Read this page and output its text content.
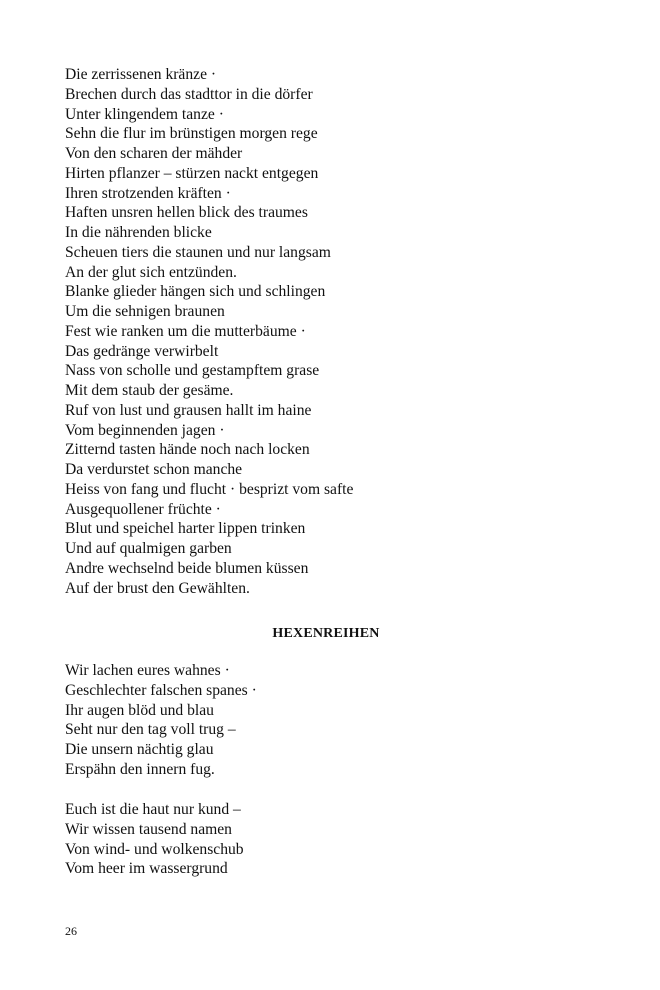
Die zerrissenen kränze ·
Brechen durch das stadttor in die dörfer
Unter klingendem tanze ·
Sehn die flur im brünstigen morgen rege
Von den scharen der mähder
Hirten pflanzer – stürzen nackt entgegen
Ihren strotzenden kräften ·
Haften unsren hellen blick des traumes
In die nährenden blicke
Scheuen tiers die staunen und nur langsam
An der glut sich entzünden.
Blanke glieder hängen sich und schlingen
Um die sehnigen braunen
Fest wie ranken um die mutterbäume ·
Das gedränge verwirbelt
Nass von scholle und gestampftem grase
Mit dem staub der gesäme.
Ruf von lust und grausen hallt im haine
Vom beginnenden jagen ·
Zitternd tasten hände noch nach locken
Da verdurstet schon manche
Heiss von fang und flucht · besprizt vom safte
Ausgequollener früchte ·
Blut und speichel harter lippen trinken
Und auf qualmigen garben
Andre wechselnd beide blumen küssen
Auf der brust den Gewählten.
HEXENREIHEN
Wir lachen eures wahnes ·
Geschlechter falschen spanes ·
Ihr augen blöd und blau
Seht nur den tag voll trug –
Die unsern nächtig glau
Erspähn den innern fug.
Euch ist die haut nur kund –
Wir wissen tausend namen
Von wind- und wolkenschub
Vom heer im wassergrund
26
